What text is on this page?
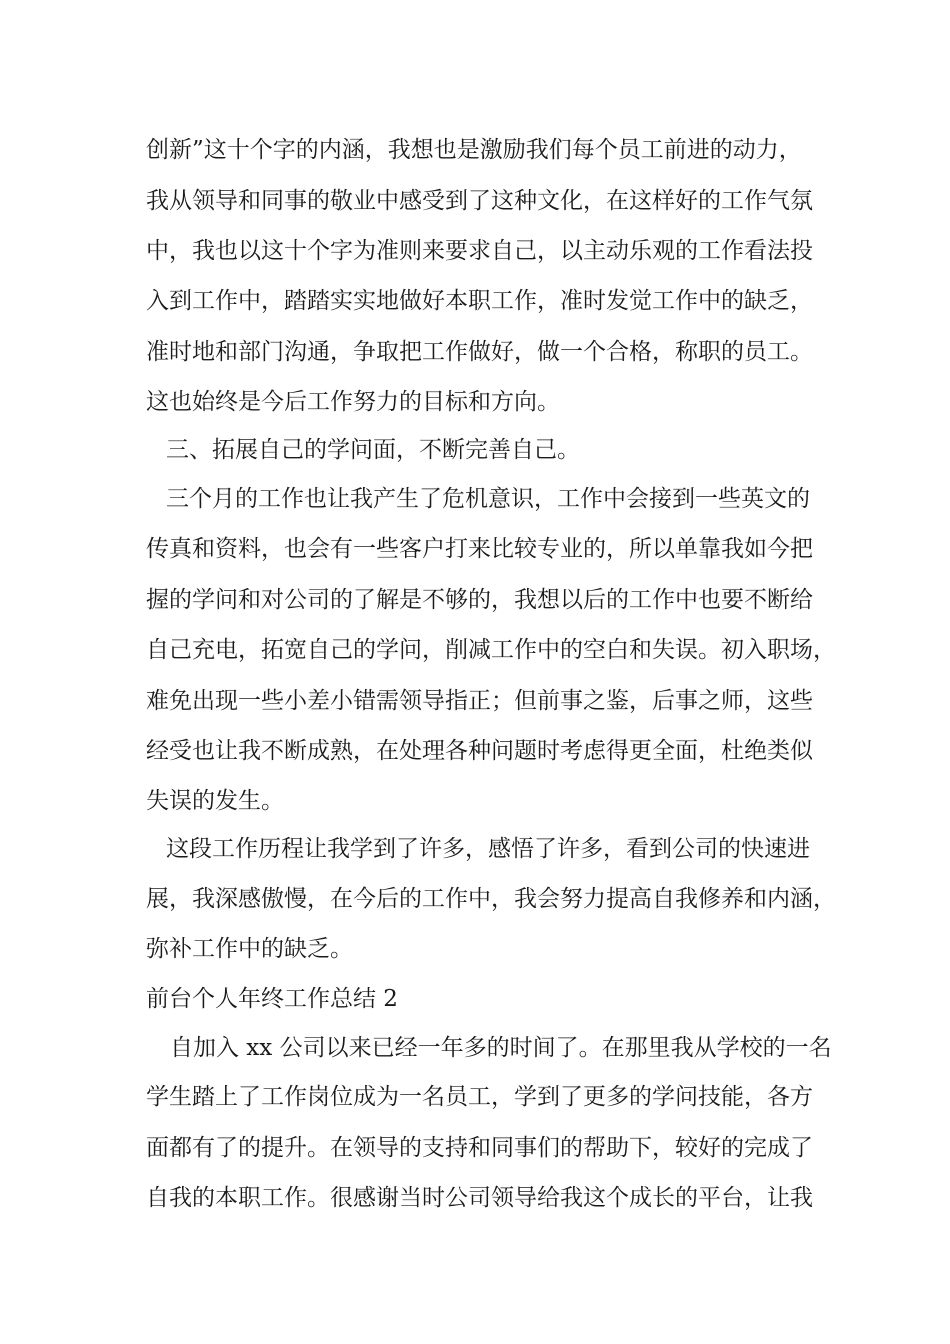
创新”这十个字的内涵，我想也是激励我们每个员工前进的动力，
我从领导和同事的敬业中感受到了这种文化，在这样好的工作气氛
中，我也以这十个字为准则来要求自己，以主动乐观的工作看法投
入到工作中，踏踏实实地做好本职工作，准时发觉工作中的缺乏，
准时地和部门沟通，争取把工作做好，做一个合格，称职的员工。
这也始终是今后工作努力的目标和方向。
三、拓展自己的学问面，不断完善自己。
三个月的工作也让我产生了危机意识，工作中会接到一些英文的
传真和资料，也会有一些客户打来比较专业的，所以单靠我如今把
握的学问和对公司的了解是不够的，我想以后的工作中也要不断给
自己充电，拓宽自己的学问，削减工作中的空白和失误。初入职场，
难免出现一些小差小错需领导指正；但前事之鉴，后事之师，这些
经受也让我不断成熟，在处理各种问题时考虑得更全面，杜绝类似
失误的发生。
这段工作历程让我学到了许多，感悟了许多，看到公司的快速进
展，我深感傲慢，在今后的工作中，我会努力提高自我修养和内涵，
弥补工作中的缺乏。
前台个人年终工作总结 2
自加入 xx 公司以来已经一年多的时间了。在那里我从学校的一名
学生踏上了工作岗位成为一名员工，学到了更多的学问技能，各方
面都有了的提升。在领导的支持和同事们的帮助下，较好的完成了
自我的本职工作。很感谢当时公司领导给我这个成长的平台，让我
